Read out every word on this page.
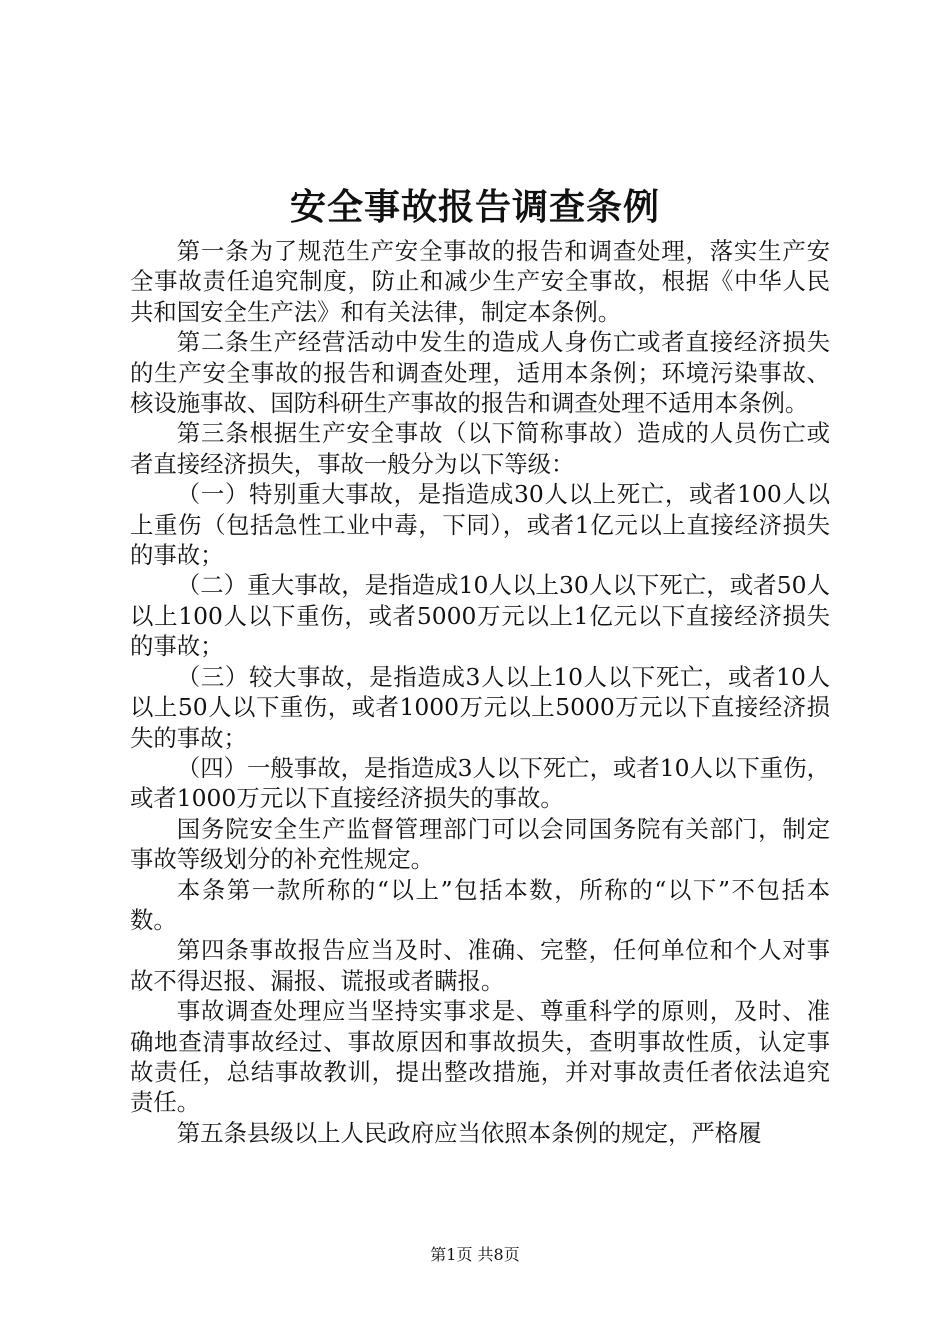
安全事故报告调查条例

第一条为了规范生产安全事故的报告和调查处理，落实生产安全事故责任追究制度，防止和减少生产安全事故，根据《中华人民共和国安全生产法》和有关法律，制定本条例。

第二条生产经营活动中发生的造成人身伤亡或者直接经济损失的生产安全事故的报告和调查处理，适用本条例；环境污染事故、核设施事故、国防科研生产事故的报告和调查处理不适用本条例。

第三条根据生产安全事故（以下简称事故）造成的人员伤亡或者直接经济损失，事故一般分为以下等级：

（一）特别重大事故，是指造成30人以上死亡，或者100人以上重伤（包括急性工业中毒，下同），或者1亿元以上直接经济损失的事故；

（二）重大事故，是指造成10人以上30人以下死亡，或者50人以上100人以下重伤，或者5000万元以上1亿元以下直接经济损失的事故；

（三）较大事故，是指造成3人以上10人以下死亡，或者10人以上50人以下重伤，或者1000万元以上5000万元以下直接经济损失的事故；

（四）一般事故，是指造成3人以下死亡，或者10人以下重伤，或者1000万元以下直接经济损失的事故。

国务院安全生产监督管理部门可以会同国务院有关部门，制定事故等级划分的补充性规定。

本条第一款所称的“以上”包括本数，所称的“以下”不包括本数。

第四条事故报告应当及时、准确、完整，任何单位和个人对事故不得迟报、漏报、谎报或者瞒报。

事故调查处理应当坚持实事求是、尊重科学的原则，及时、准确地查清事故经过、事故原因和事故损失，查明事故性质，认定事故责任，总结事故教训，提出整改措施，并对事故责任者依法追究责任。

第五条县级以上人民政府应当依照本条例的规定，严格履

第1页 共8页
